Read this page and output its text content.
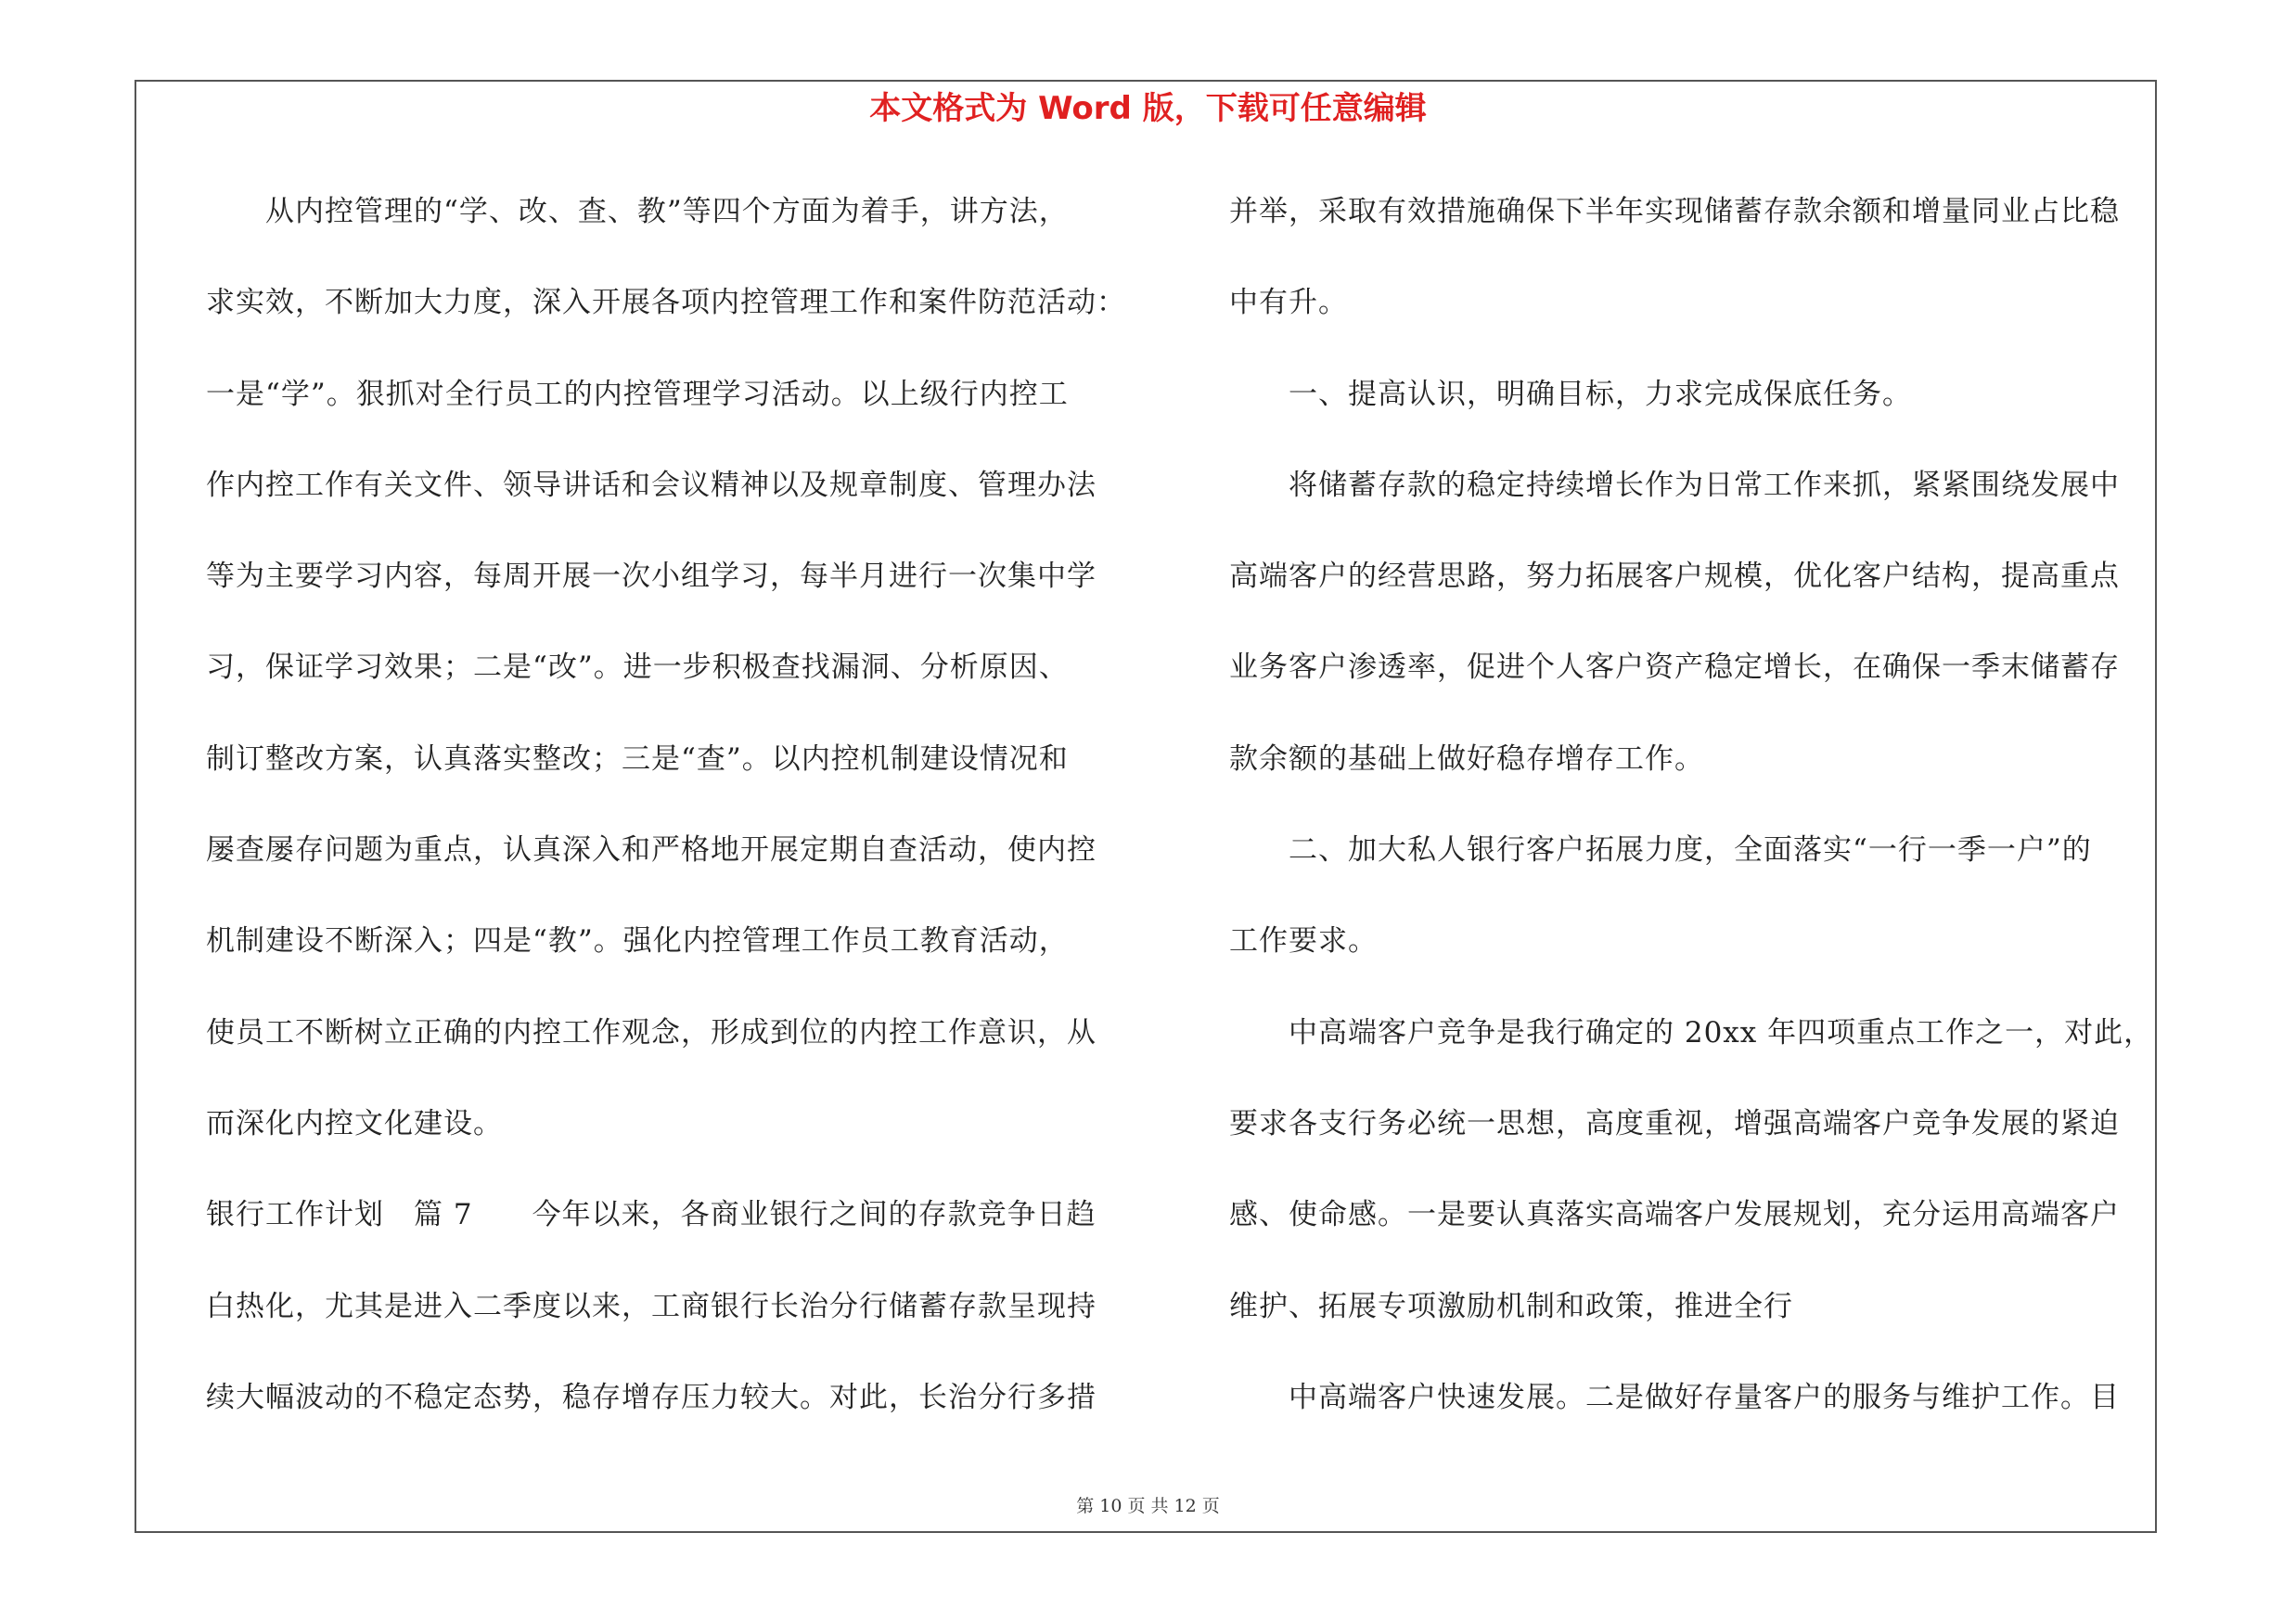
本文格式为 Word 版，下载可任意编辑
　　从内控管理的“学、改、查、教”等四个方面为着手，讲方法，
求实效，不断加大力度，深入开展各项内控管理工作和案件防范活动：
一是“学”。狠抓对全行员工的内控管理学习活动。以上级行内控工
作内控工作有关文件、领导讲话和会议精神以及规章制度、管理办法
等为主要学习内容，每周开展一次小组学习，每半月进行一次集中学
习，保证学习效果；二是“改”。进一步积极查找漏洞、分析原因、
制订整改方案，认真落实整改；三是“查”。以内控机制建设情况和
屡查屡存问题为重点，认真深入和严格地开展定期自查活动，使内控
机制建设不断深入；四是“教”。强化内控管理工作员工教育活动，
使员工不断树立正确的内控工作观念，形成到位的内控工作意识，从
而深化内控文化建设。
银行工作计划　篇 7　　今年以来，各商业银行之间的存款竞争日趋
白热化，尤其是进入二季度以来，工商银行长治分行储蓄存款呈现持
续大幅波动的不稳定态势，稳存增存压力较大。对此，长治分行多措
并举，采取有效措施确保下半年实现储蓄存款余额和增量同业占比稳
中有升。
　　一、提高认识，明确目标，力求完成保底任务。
　　将储蓄存款的稳定持续增长作为日常工作来抓，紧紧围绕发展中
高端客户的经营思路，努力拓展客户规模，优化客户结构，提高重点
业务客户渗透率，促进个人客户资产稳定增长，在确保一季末储蓄存
款余额的基础上做好稳存增存工作。
　　二、加大私人银行客户拓展力度，全面落实“一行一季一户”的
工作要求。
　　中高端客户竞争是我行确定的 20xx 年四项重点工作之一，对此，
要求各支行务必统一思想，高度重视，增强高端客户竞争发展的紧迫
感、使命感。一是要认真落实高端客户发展规划，充分运用高端客户
维护、拓展专项激励机制和政策，推进全行
　　中高端客户快速发展。二是做好存量客户的服务与维护工作。目
第 10 页 共 12 页
